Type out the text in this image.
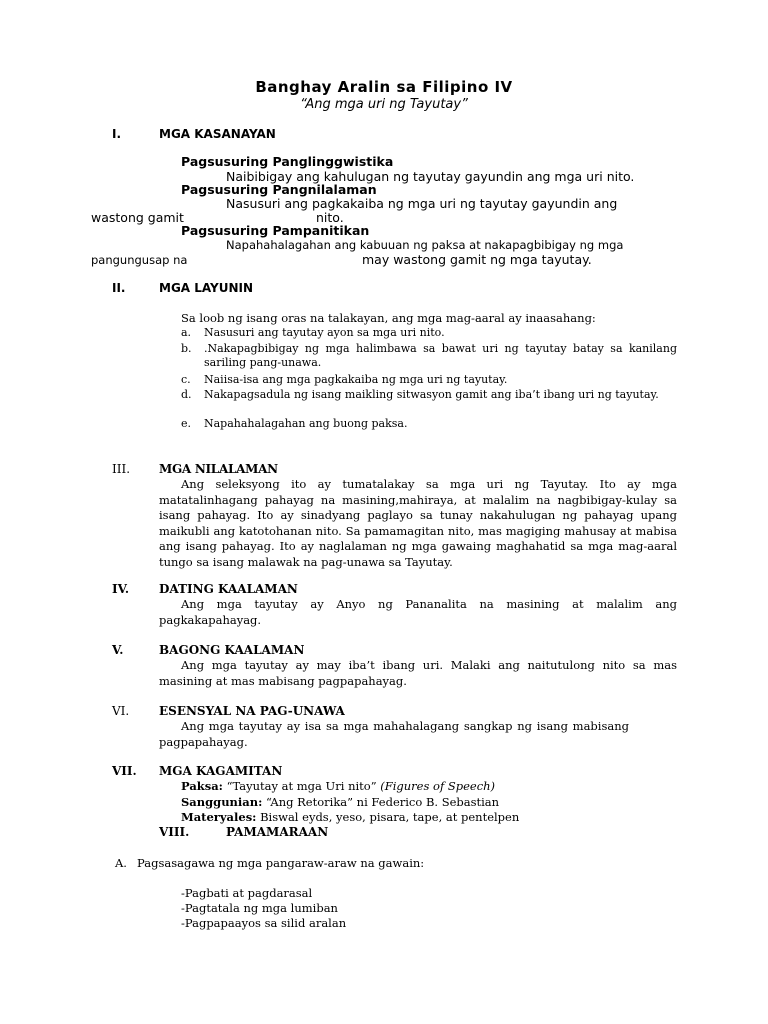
Banghay Aralin sa Filipino IV
“Ang mga uri ng Tayutay”
I.	MGA KASANAYAN
Pagsusuring Panglinggwistika
Naibibigay ang kahulugan ng tayutay gayundin ang mga uri nito.
Pagsusuring Pangnilalaman
Nasusuri ang pagkakaiba ng mga uri ng tayutay gayundin ang
wastong gamit	nito.
Pagsusuring Pampanitikan
Napahahalagahan ang kabuuan ng paksa at nakapagbibigay ng mga
pangungusap na	may wastong gamit ng mga tayutay.
II.	MGA LAYUNIN
Sa loob ng isang oras na talakayan, ang mga mag-aaral ay inaasahang:
a. Nasusuri ang tayutay ayon sa mga uri nito.
b. .Nakapagbibigay ng mga halimbawa sa bawat uri ng tayutay batay sa kanilang sariling pang-unawa.
c. Naiisa-isa ang mga pagkakaiba ng mga uri ng tayutay.
d. Nakapagsadula ng isang maikling sitwasyon gamit ang iba’t ibang uri ng tayutay.
e. Napahahalagahan ang buong paksa.
III. MGA NILALAMAN
Ang seleksyong ito ay tumatalakay sa mga uri ng Tayutay. Ito ay mga matatalinhagang pahayag na masining,mahiraya, at malalim na nagbibigay-kulay sa isang pahayag. Ito ay sinadyang paglayo sa tunay nakahulugan ng pahayag upang maikubli ang katotohanan nito. Sa pamamagitan nito, mas magiging mahusay at mabisa ang isang pahayag. Ito ay naglalaman ng mga gawaing maghahatid sa mga mag-aaral tungo sa isang malawak na pag-unawa sa Tayutay.
IV. DATING KAALAMAN
Ang mga tayutay ay Anyo ng Pananalita na masining at malalim ang pagkakapahayag.
V.	BAGONG KAALAMAN
Ang mga tayutay ay may iba’t ibang uri. Malaki ang naitutulong nito sa mas masining at mas mabisang pagpapahayag.
VI. ESENSYAL NA PAG-UNAWA
Ang mga tayutay ay isa sa mga mahahalagang sangkap ng isang mabisang pagpapahayag.
VII. MGA KAGAMITAN
Paksa: “Tayutay at mga Uri nito” (Figures of Speech)
Sanggunian: “Ang Retorika” ni Federico B. Sebastian
Materyales: Biswal eyds, yeso, pisara, tape, at pentelpen
VIII.	PAMAMARAAN
A. Pagsasagawa ng mga pangaraw-araw na gawain:
-Pagbati at pagdarasal
-Pagtatala ng mga lumiban
-Pagpapaayos sa silid aralan
